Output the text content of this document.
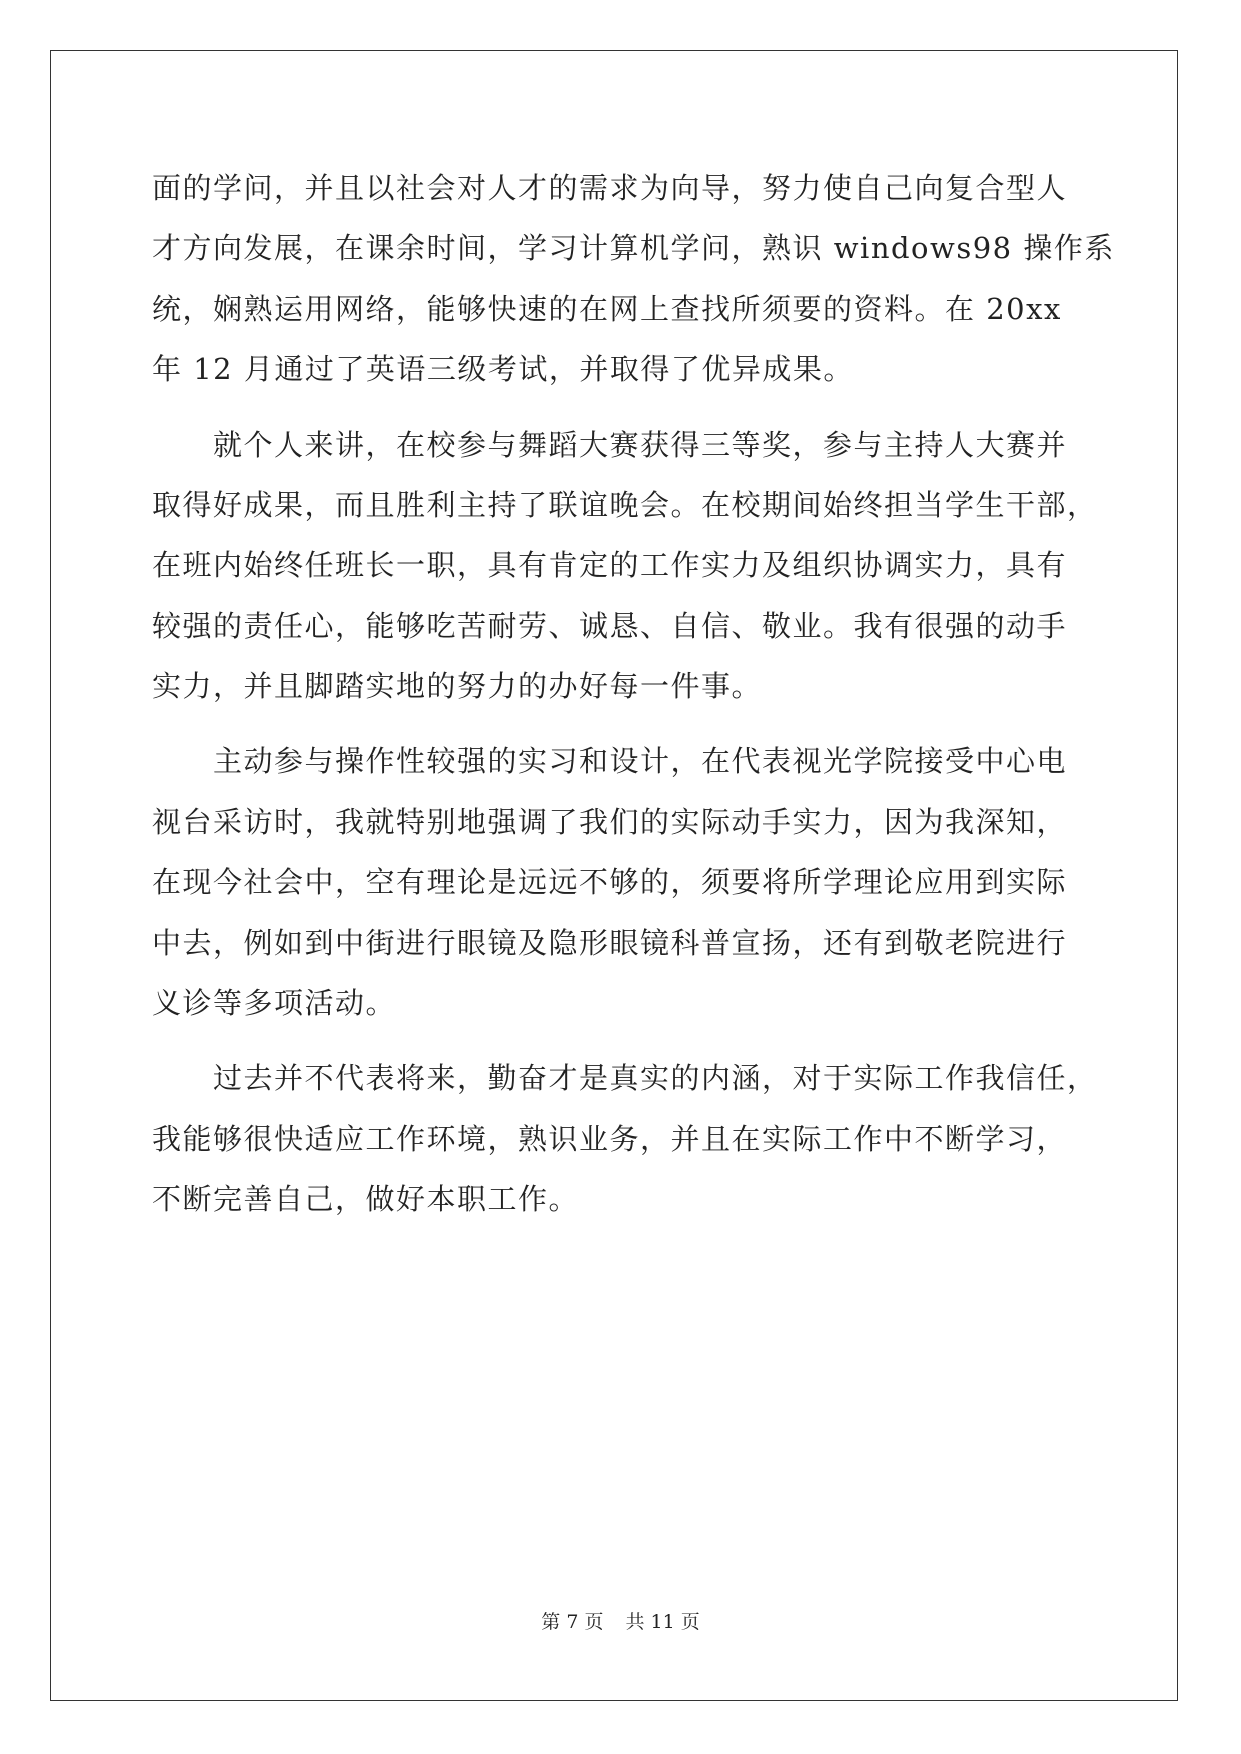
面的学问，并且以社会对人才的需求为向导，努力使自己向复合型人
才方向发展，在课余时间，学习计算机学问，熟识 windows98 操作系
统，娴熟运用网络，能够快速的在网上查找所须要的资料。在 20xx
年 12 月通过了英语三级考试，并取得了优异成果。
就个人来讲，在校参与舞蹈大赛获得三等奖，参与主持人大赛并
取得好成果，而且胜利主持了联谊晚会。在校期间始终担当学生干部，
在班内始终任班长一职，具有肯定的工作实力及组织协调实力，具有
较强的责任心，能够吃苦耐劳、诚恳、自信、敬业。我有很强的动手
实力，并且脚踏实地的努力的办好每一件事。
主动参与操作性较强的实习和设计，在代表视光学院接受中心电
视台采访时，我就特别地强调了我们的实际动手实力，因为我深知，
在现今社会中，空有理论是远远不够的，须要将所学理论应用到实际
中去，例如到中街进行眼镜及隐形眼镜科普宣扬，还有到敬老院进行
义诊等多项活动。
过去并不代表将来，勤奋才是真实的内涵，对于实际工作我信任，
我能够很快适应工作环境，熟识业务，并且在实际工作中不断学习，
不断完善自己，做好本职工作。
第 7 页 共 11 页
